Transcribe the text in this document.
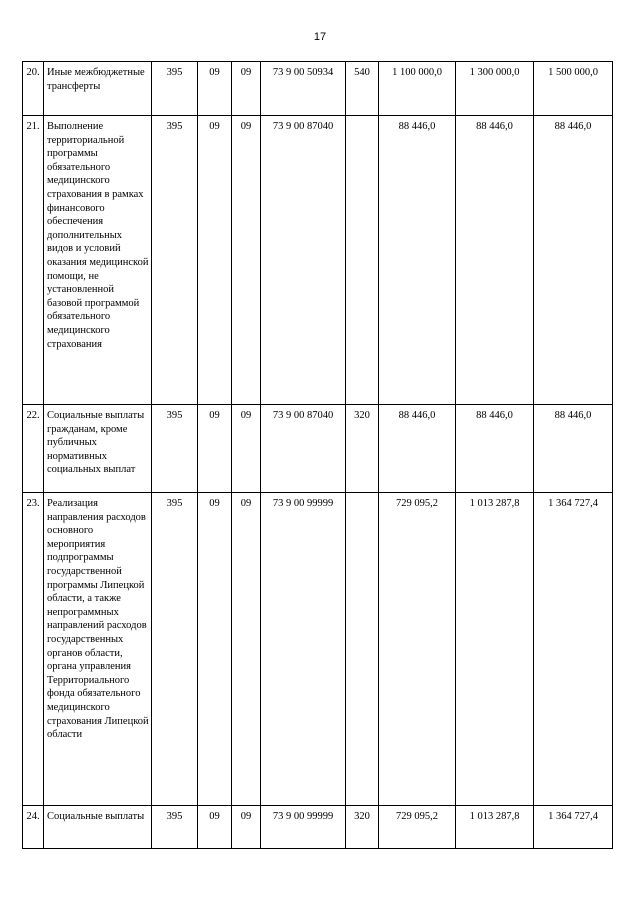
17
20.	Иные межбюджетные трансферты	395	09	09	73 9 00 50934	540	1 100 000,0	1 300 000,0	1 500 000,0
21.	Выполнение территориальной программы обязательного медицинского страхования в рамках финансового обеспечения дополнительных видов и условий оказания медицинской помощи, не установленной базовой программой обязательного медицинского страхования	395	09	09	73 9 00 87040		88 446,0	88 446,0	88 446,0
22.	Социальные выплаты гражданам, кроме публичных нормативных социальных выплат	395	09	09	73 9 00 87040	320	88 446,0	88 446,0	88 446,0
23.	Реализация направления расходов основного мероприятия подпрограммы государственной программы Липецкой области, а также непрограммных направлений расходов государственных органов области, органа управления Территориального фонда обязательного медицинского страхования Липецкой области	395	09	09	73 9 00 99999		729 095,2	1 013 287,8	1 364 727,4
24.	Социальные выплаты	395	09	09	73 9 00 99999	320	729 095,2	1 013 287,8	1 364 727,4
